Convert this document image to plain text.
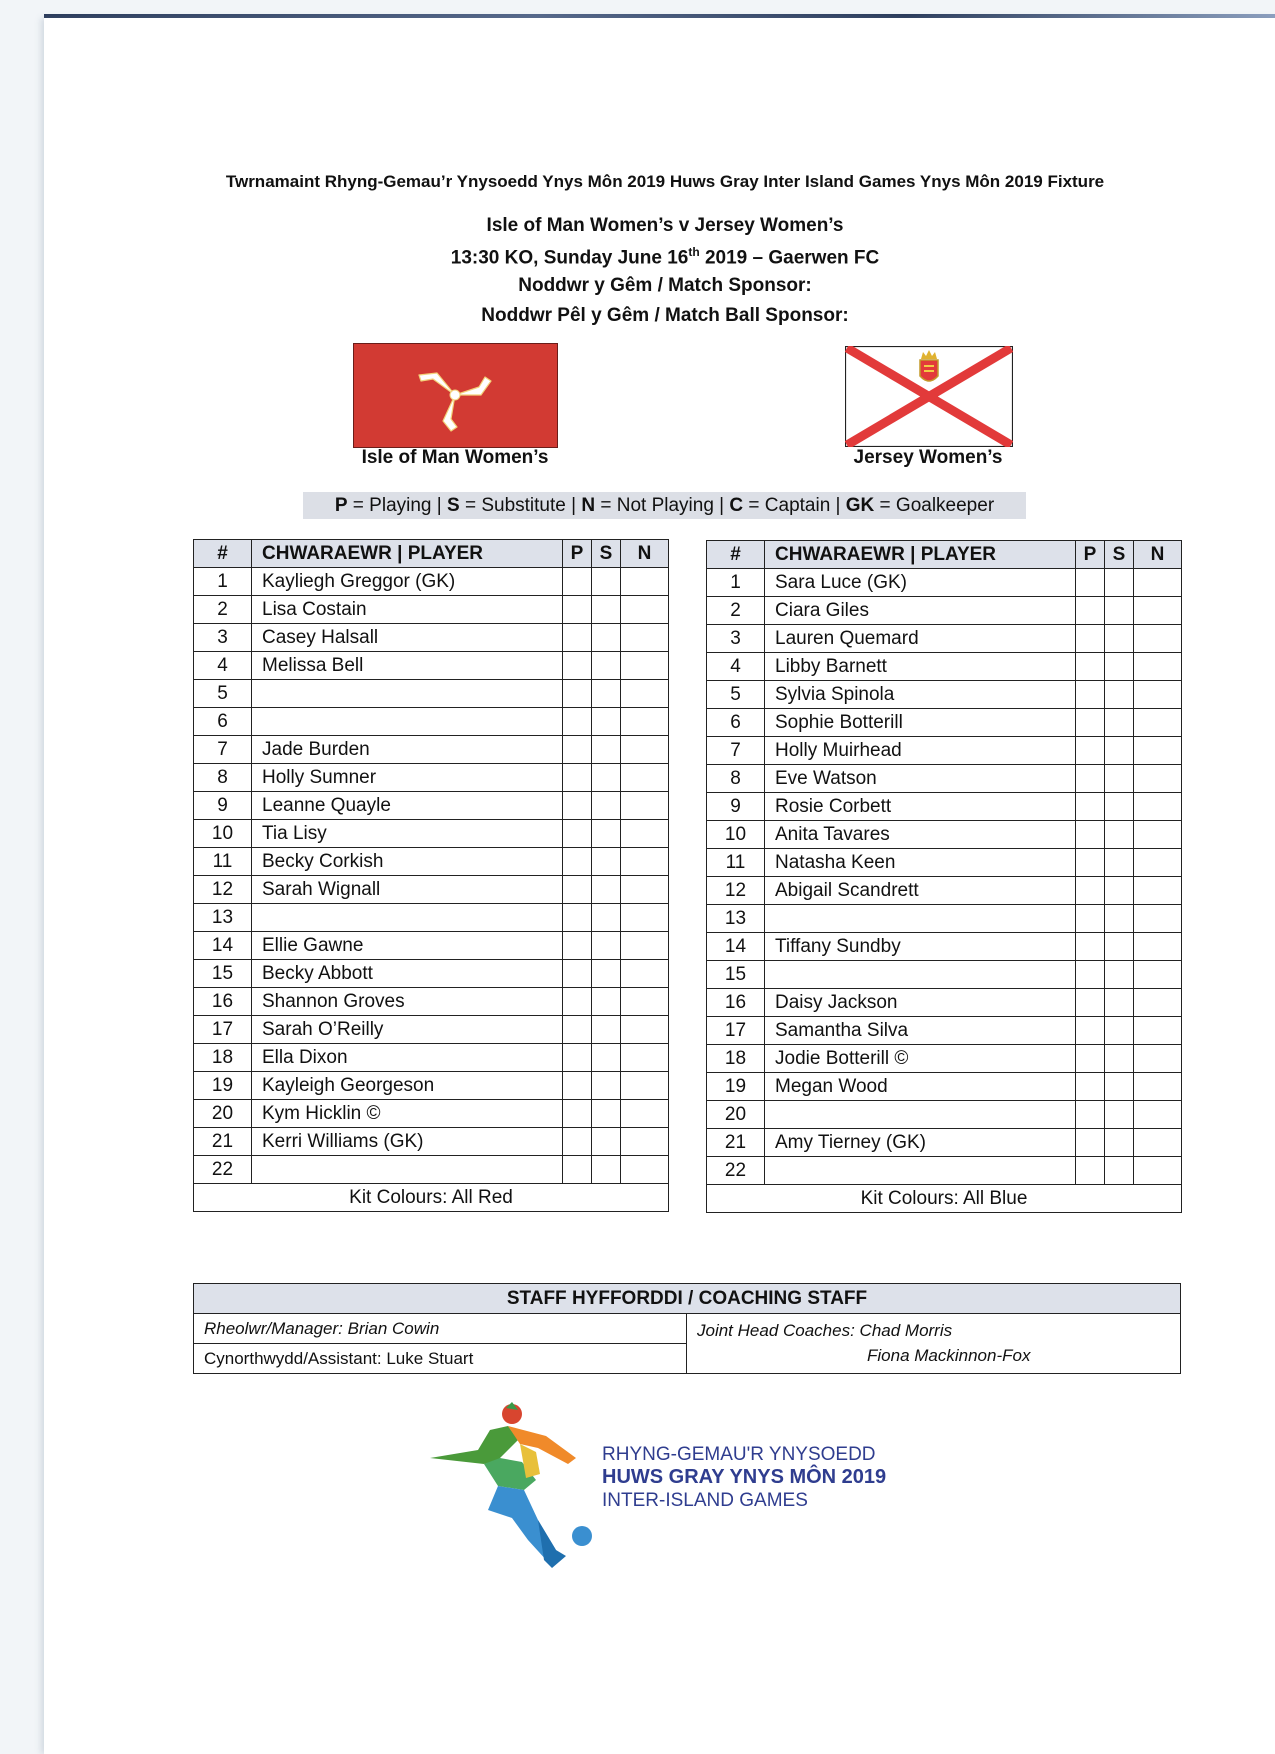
Twrnamaint Rhyng-Gemau’r Ynysoedd Ynys Môn 2019 Huws Gray Inter Island Games Ynys Môn 2019 Fixture
Isle of Man Women’s v Jersey Women’s
13:30 KO, Sunday June 16th 2019 – Gaerwen FC
Noddwr y Gêm / Match Sponsor:
Noddwr Pêl y Gêm / Match Ball Sponsor:
Isle of Man Women’s	Jersey Women’s
P = Playing | S = Substitute | N = Not Playing | C = Captain | GK = Goalkeeper
#	CHWARAEWR | PLAYER	P	S	N
1	Kayliegh Greggor (GK)			
2	Lisa Costain			
3	Casey Halsall			
4	Melissa Bell			
5				
6				
7	Jade Burden			
8	Holly Sumner			
9	Leanne Quayle			
10	Tia Lisy			
11	Becky Corkish			
12	Sarah Wignall			
13				
14	Ellie Gawne			
15	Becky Abbott			
16	Shannon Groves			
17	Sarah O’Reilly			
18	Ella Dixon			
19	Kayleigh Georgeson			
20	Kym Hicklin ©			
21	Kerri Williams (GK)			
22				
Kit Colours: All Red				
#	CHWARAEWR | PLAYER	P	S	N
1	Sara Luce (GK)			
2	Ciara Giles			
3	Lauren Quemard			
4	Libby Barnett			
5	Sylvia Spinola			
6	Sophie Botterill			
7	Holly Muirhead			
8	Eve Watson			
9	Rosie Corbett			
10	Anita Tavares			
11	Natasha Keen			
12	Abigail Scandrett			
13				
14	Tiffany Sundby			
15				
16	Daisy Jackson			
17	Samantha Silva			
18	Jodie Botterill ©			
19	Megan Wood			
20				
21	Amy Tierney (GK)			
22				
Kit Colours: All Blue				
STAFF HYFFORDDI / COACHING STAFF
Rheolwr/Manager: Brian Cowin	Joint Head Coaches: Chad Morris
Fiona Mackinnon-Fox

Cynorthwydd/Assistant: Luke Stuart
RHYNG-GEMAU'R YNYSOEDD
HUWS GRAY YNYS MÔN 2019
INTER-ISLAND GAMES
